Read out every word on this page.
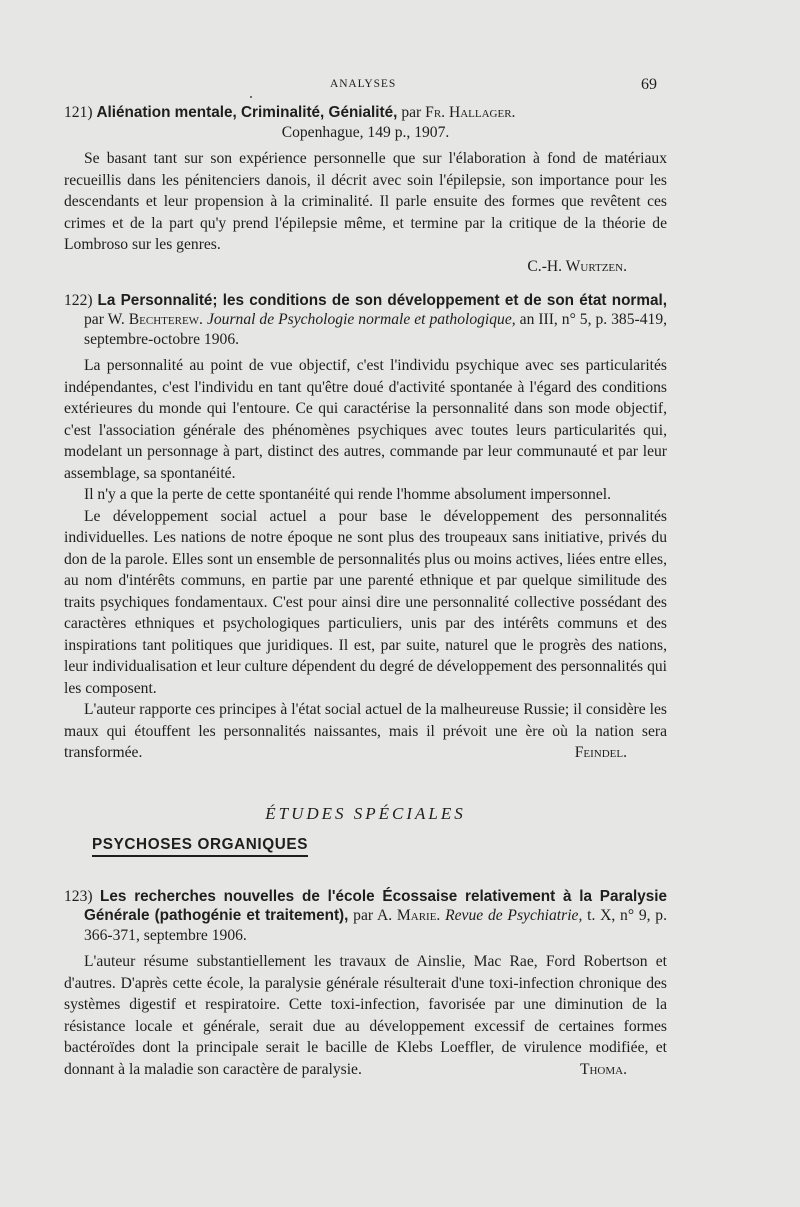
ANALYSES	69
121) Aliénation mentale, Criminalité, Génialité, par Fr. Hallager.
Copenhague, 149 p., 1907.

Se basant tant sur son expérience personnelle que sur l'élaboration à fond de matériaux recueillis dans les pénitenciers danois, il décrit avec soin l'épilepsie, son importance pour les descendants et leur propension à la criminalité. Il parle ensuite des formes que revêtent ces crimes et de la part qu'y prend l'épilepsie même, et termine par la critique de la théorie de Lombroso sur les genres.

C.-H. Wurtzen.
122) La Personnalité; les conditions de son développement et de son état normal, par W. Bechterew. Journal de Psychologie normale et pathologique, an III, n° 5, p. 385-419, septembre-octobre 1906.

La personnalité au point de vue objectif, c'est l'individu psychique avec ses particularités indépendantes, c'est l'individu en tant qu'être doué d'activité spontanée à l'égard des conditions extérieures du monde qui l'entoure. Ce qui caractérise la personnalité dans son mode objectif, c'est l'association générale des phénomènes psychiques avec toutes leurs particularités qui, modelant un personnage à part, distinct des autres, commande par leur communauté et par leur assemblage, sa spontanéité.

Il n'y a que la perte de cette spontanéité qui rende l'homme absolument impersonnel.

Le développement social actuel a pour base le développement des personnalités individuelles. Les nations de notre époque ne sont plus des troupeaux sans initiative, privés du don de la parole. Elles sont un ensemble de personnalités plus ou moins actives, liées entre elles, au nom d'intérêts communs, en partie par une parenté ethnique et par quelque similitude des traits psychiques fondamentaux. C'est pour ainsi dire une personnalité collective possédant des caractères ethniques et psychologiques particuliers, unis par des intérêts communs et des inspirations tant politiques que juridiques. Il est, par suite, naturel que le progrès des nations, leur individualisation et leur culture dépendent du degré de développement des personnalités qui les composent.

L'auteur rapporte ces principes à l'état social actuel de la malheureuse Russie; il considère les maux qui étouffent les personnalités naissantes, mais il prévoit une ère où la nation sera transformée.	Feindel.

ÉTUDES SPÉCIALES
PSYCHOSES ORGANIQUES
123) Les recherches nouvelles de l'école Écossaise relativement à la Paralysie Générale (pathogénie et traitement), par A. Marie. Revue de Psychiatrie, t. X, n° 9, p. 366-371, septembre 1906.

L'auteur résume substantiellement les travaux de Ainslie, Mac Rae, Ford Robertson et d'autres. D'après cette école, la paralysie générale résulterait d'une toxi-infection chronique des systèmes digestif et respiratoire. Cette toxi-infection, favorisée par une diminution de la résistance locale et générale, serait due au développement excessif de certaines formes bactéroïdes dont la principale serait le bacille de Klebs Loeffler, de virulence modifiée, et donnant à la maladie son caractère de paralysie.	Thoma.
